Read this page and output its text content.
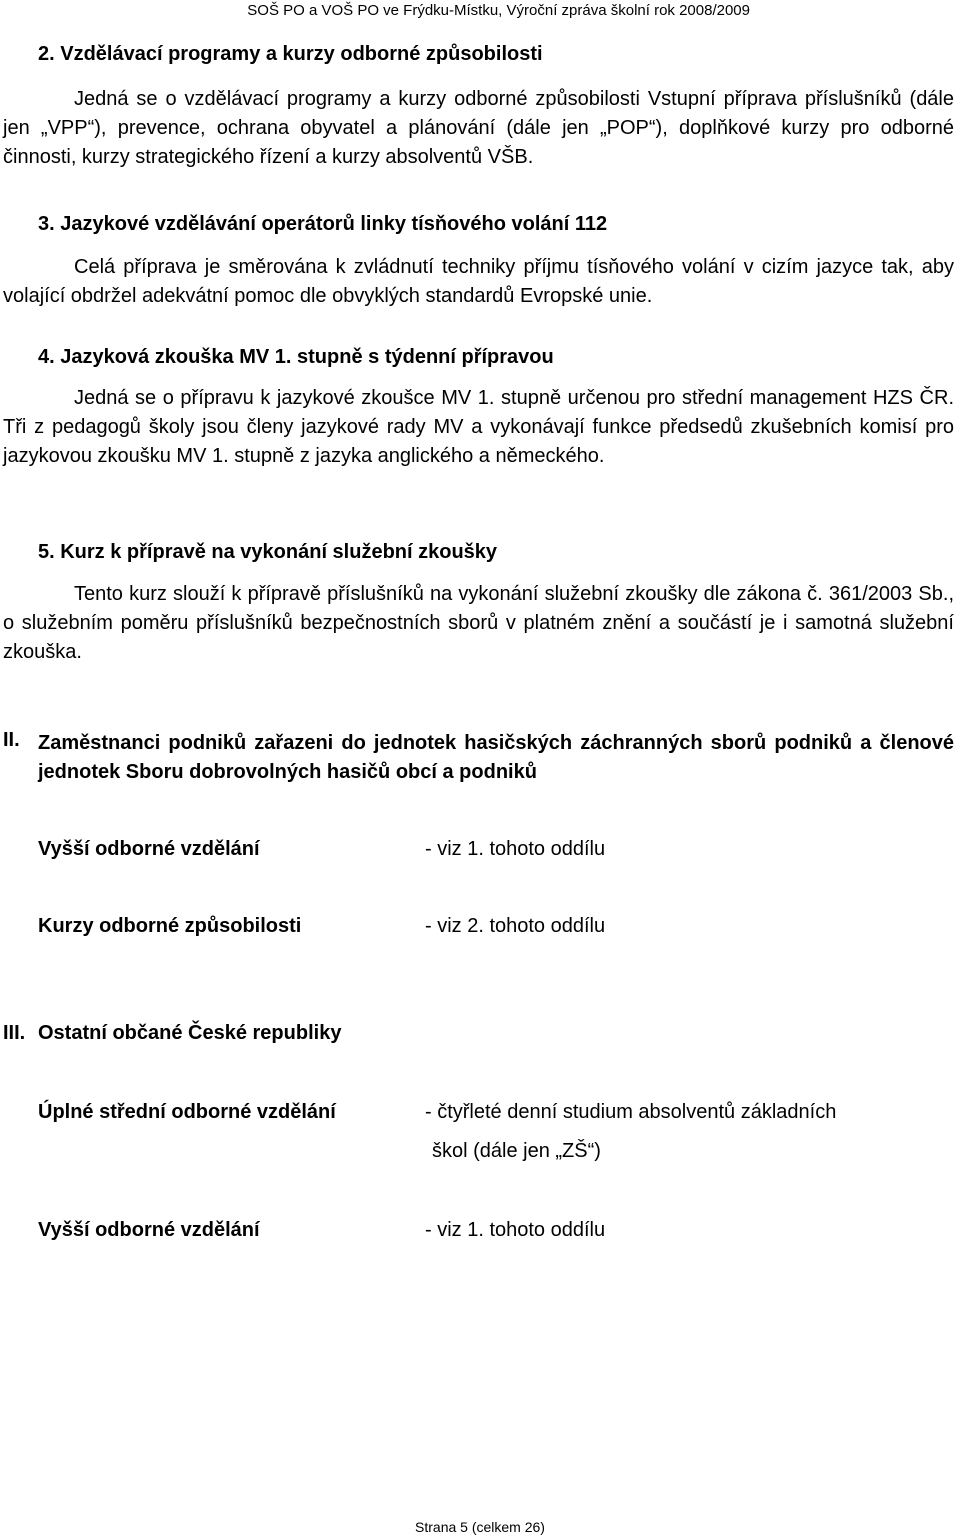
SOŠ PO a VOŠ PO ve Frýdku-Místku, Výroční zpráva školní rok 2008/2009
2. Vzdělávací programy a kurzy odborné způsobilosti

Jedná se o vzdělávací programy a kurzy odborné způsobilosti Vstupní příprava příslušníků (dále jen „VPP“), prevence, ochrana obyvatel a plánování (dále jen „POP“), doplňkové kurzy pro odborné činnosti, kurzy strategického řízení a kurzy absolventů VŠB.

3. Jazykové vzdělávání operátorů linky tísňového volání 112

Celá příprava je směrována k zvládnutí techniky příjmu tísňového volání v cizím jazyce tak, aby volající obdržel adekvátní pomoc dle obvyklých standardů Evropské unie.

4. Jazyková zkouška MV 1. stupně s týdenní přípravou

Jedná se o přípravu k jazykové zkoušce MV 1. stupně určenou pro střední management HZS ČR. Tři z pedagogů školy jsou členy jazykové rady MV a vykonávají funkce předsedů zkušebních komisí pro jazykovou zkoušku MV 1. stupně z jazyka anglického a německého.

5. Kurz k přípravě na vykonání služební zkoušky

Tento kurz slouží k přípravě příslušníků na vykonání služební zkoušky dle zákona č. 361/2003 Sb., o služebním poměru příslušníků bezpečnostních sborů v platném znění a součástí je i samotná služební zkouška.

II. Zaměstnanci podniků zařazeni do jednotek hasičských záchranných sborů podniků a členové jednotek Sboru dobrovolných hasičů obcí a podniků

Vyšší odborné vzdělání	- viz 1. tohoto oddílu
Kurzy odborné způsobilosti	- viz 2. tohoto oddílu
III. Ostatní občané České republiky
Úplné střední odborné vzdělání	- čtyřleté denní studium absolventů základních
škol (dále jen „ZŠ“)
Vyšší odborné vzdělání	- viz 1. tohoto oddílu
Strana 5 (celkem 26)
